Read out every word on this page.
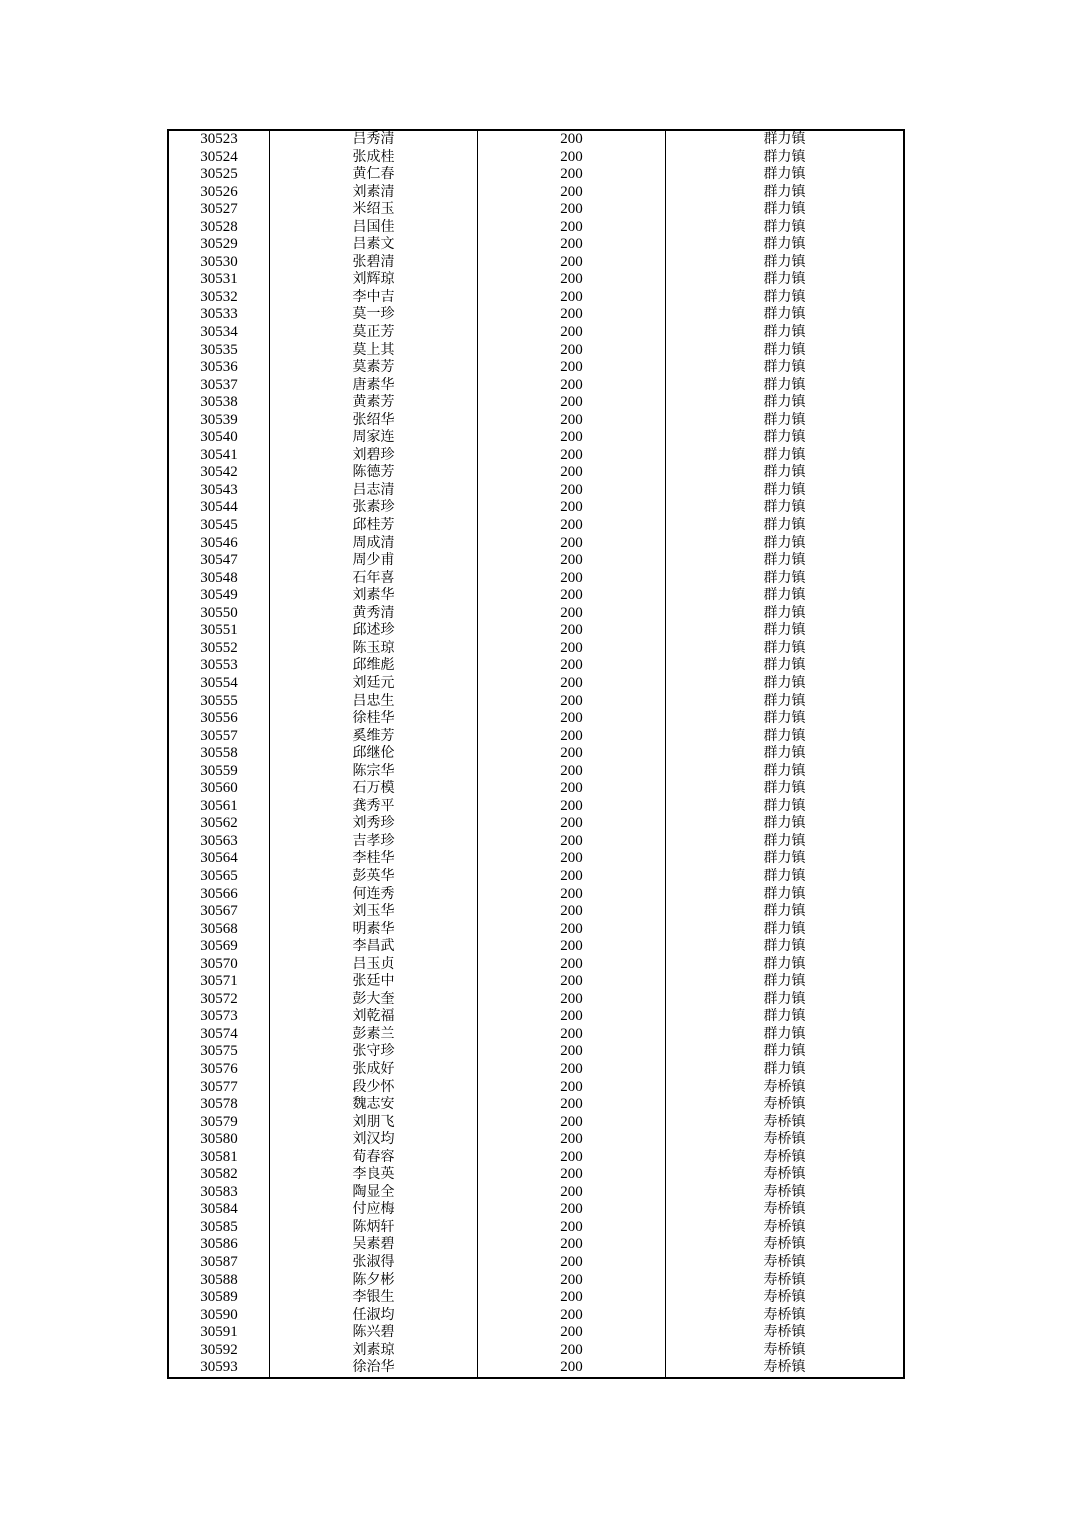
30523	吕秀清	200	群力镇
30524	张成桂	200	群力镇
30525	黄仁春	200	群力镇
30526	刘素清	200	群力镇
30527	米绍玉	200	群力镇
30528	吕国佳	200	群力镇
30529	吕素文	200	群力镇
30530	张碧清	200	群力镇
30531	刘辉琼	200	群力镇
30532	李中吉	200	群力镇
30533	莫一珍	200	群力镇
30534	莫正芳	200	群力镇
30535	莫上其	200	群力镇
30536	莫素芳	200	群力镇
30537	唐素华	200	群力镇
30538	黄素芳	200	群力镇
30539	张绍华	200	群力镇
30540	周家连	200	群力镇
30541	刘碧珍	200	群力镇
30542	陈德芳	200	群力镇
30543	吕志清	200	群力镇
30544	张素珍	200	群力镇
30545	邱桂芳	200	群力镇
30546	周成清	200	群力镇
30547	周少甫	200	群力镇
30548	石年喜	200	群力镇
30549	刘素华	200	群力镇
30550	黄秀清	200	群力镇
30551	邱述珍	200	群力镇
30552	陈玉琼	200	群力镇
30553	邱维彪	200	群力镇
30554	刘廷元	200	群力镇
30555	吕忠生	200	群力镇
30556	徐桂华	200	群力镇
30557	奚维芳	200	群力镇
30558	邱继伦	200	群力镇
30559	陈宗华	200	群力镇
30560	石万模	200	群力镇
30561	龚秀平	200	群力镇
30562	刘秀珍	200	群力镇
30563	吉孝珍	200	群力镇
30564	李桂华	200	群力镇
30565	彭英华	200	群力镇
30566	何连秀	200	群力镇
30567	刘玉华	200	群力镇
30568	明素华	200	群力镇
30569	李昌武	200	群力镇
30570	吕玉贞	200	群力镇
30571	张廷中	200	群力镇
30572	彭大奎	200	群力镇
30573	刘乾福	200	群力镇
30574	彭素兰	200	群力镇
30575	张守珍	200	群力镇
30576	张成好	200	群力镇
30577	段少怀	200	寿桥镇
30578	魏志安	200	寿桥镇
30579	刘朋飞	200	寿桥镇
30580	刘汉均	200	寿桥镇
30581	荀春容	200	寿桥镇
30582	李良英	200	寿桥镇
30583	陶显全	200	寿桥镇
30584	付应梅	200	寿桥镇
30585	陈炳轩	200	寿桥镇
30586	吴素碧	200	寿桥镇
30587	张淑得	200	寿桥镇
30588	陈夕彬	200	寿桥镇
30589	李银生	200	寿桥镇
30590	任淑均	200	寿桥镇
30591	陈兴碧	200	寿桥镇
30592	刘素琼	200	寿桥镇
30593	徐治华	200	寿桥镇
